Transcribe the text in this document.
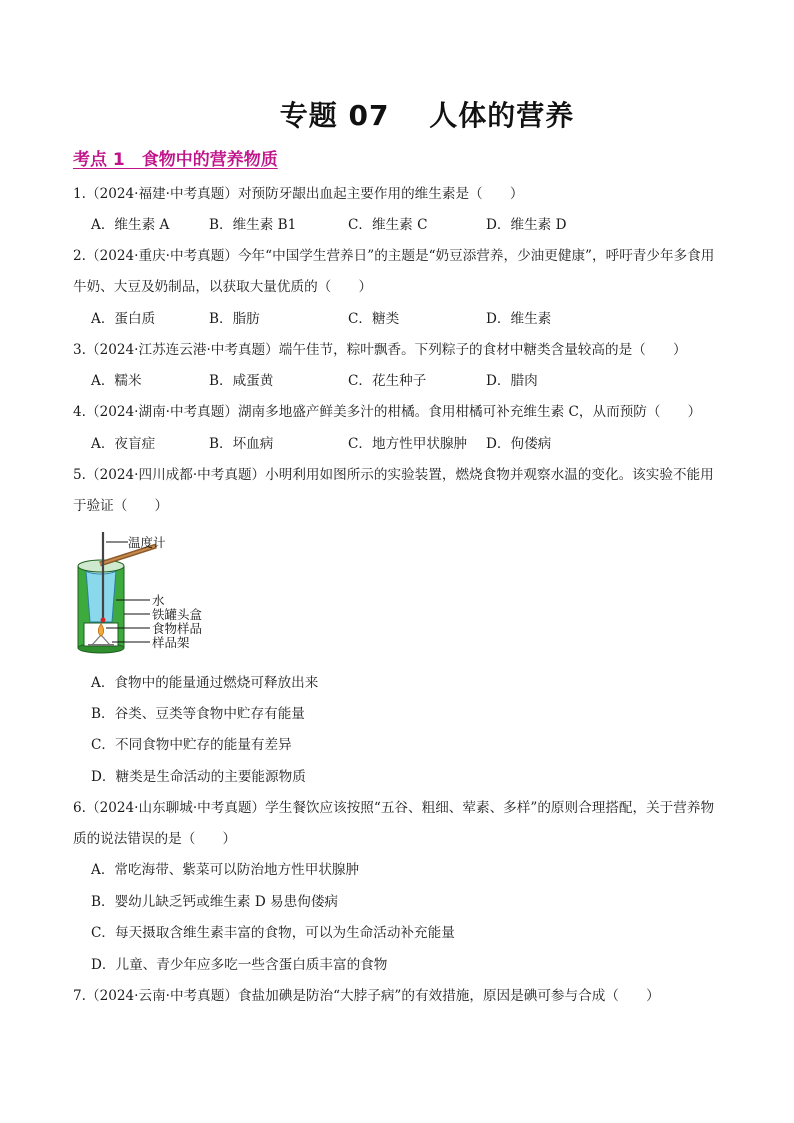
专题 07　 人体的营养
考点 1　食物中的营养物质
1.（2024·福建·中考真题）对预防牙龈出血起主要作用的维生素是（　　）
A．维生素 A	B．维生素 B1	C．维生素 C	D．维生素 D
2.（2024·重庆·中考真题）今年“中国学生营养日”的主题是“奶豆添营养，少油更健康”，呼吁青少年多食用
牛奶、大豆及奶制品，以获取大量优质的（　　）
A．蛋白质	B．脂肪	C．糖类	D．维生素
3.（2024·江苏连云港·中考真题）端午佳节，粽叶飘香。下列粽子的食材中糖类含量较高的是（　　）
A．糯米	B．咸蛋黄	C．花生种子	D．腊肉
4.（2024·湖南·中考真题）湖南多地盛产鲜美多汁的柑橘。食用柑橘可补充维生素 C，从而预防（　　）
A．夜盲症	B．坏血病	C．地方性甲状腺肿 D．佝偻病
5.（2024·四川成都·中考真题）小明利用如图所示的实验装置，燃烧食物并观察水温的变化。该实验不能用
于验证（　　）
温度计
水
铁罐头盒
食物样品
样品架
A．食物中的能量通过燃烧可释放出来
B．谷类、豆类等食物中贮存有能量
C．不同食物中贮存的能量有差异
D．糖类是生命活动的主要能源物质
6.（2024·山东聊城·中考真题）学生餐饮应该按照“五谷、粗细、荤素、多样”的原则合理搭配，关于营养物
质的说法错误的是（　　）
A．常吃海带、紫菜可以防治地方性甲状腺肿
B．婴幼儿缺乏钙或维生素 D 易患佝偻病
C．每天摄取含维生素丰富的食物，可以为生命活动补充能量
D．儿童、青少年应多吃一些含蛋白质丰富的食物
7.（2024·云南·中考真题）食盐加碘是防治“大脖子病”的有效措施，原因是碘可参与合成（　　）
